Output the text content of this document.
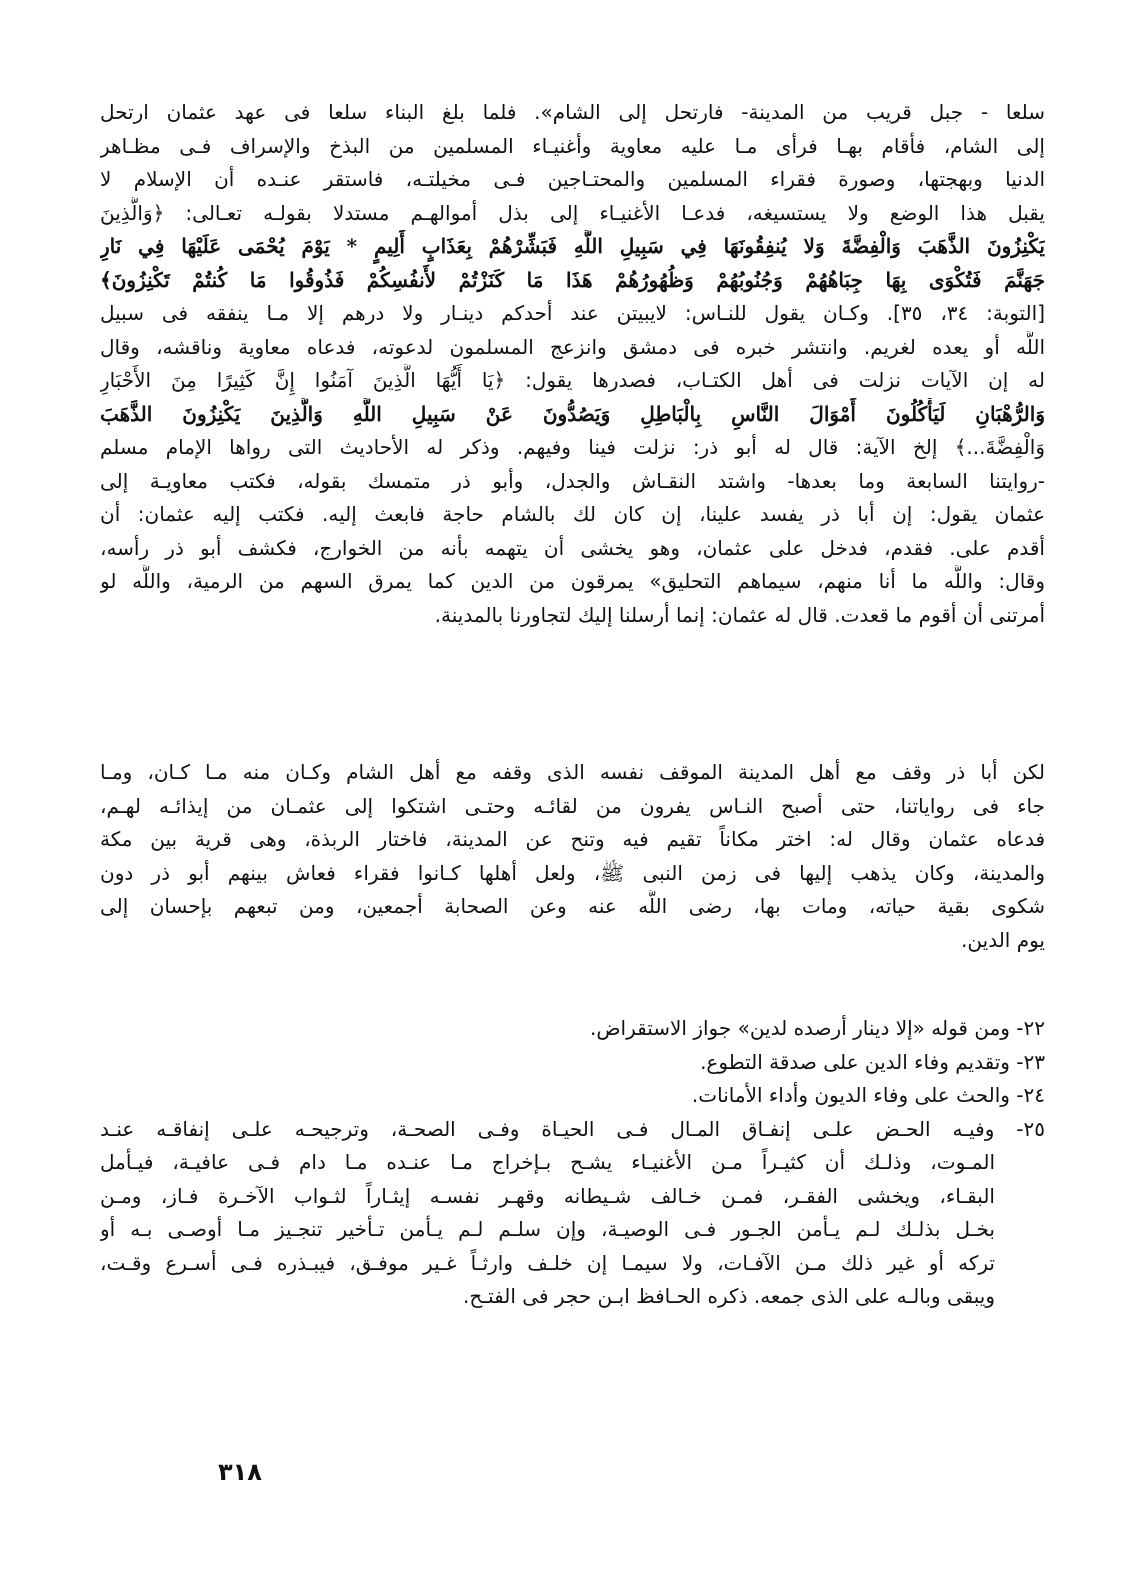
سلعا - جبل قريب من المدينة- فارتحل إلى الشام». فلما بلغ البناء سلعا فى عهد عثمان ارتحل
إلى الشام، فأقام بهـا فرأى مـا عليه معاوية وأغنيـاء المسلمين من البذخ والإسراف فـى مظـاهر
الدنيا وبهجتها، وصورة فقراء المسلمين والمحتـاجين فـى مخيلتـه، فاستقر عنـده أن الإسلام لا
يقبل هذا الوضع ولا يستسيغه، فدعـا الأغنيـاء إلى بذل أموالهـم مستدلا بقولـه تعـالى: ﴿وَالَّذِينَ
يَكْنِزُونَ الذَّهَبَ وَالْفِضَّةَ وَلا يُنفِقُونَهَا فِي سَبِيلِ اللَّهِ فَبَشِّرْهُمْ بِعَذَابٍ أَلِيمٍ * يَوْمَ يُحْمَى عَلَيْهَا فِي نَارِ
جَهَنَّمَ فَتُكْوَى بِهَا جِبَاهُهُمْ وَجُنُوبُهُمْ وَظُهُورُهُمْ هَذَا مَا كَنَزْتُمْ لأَنفُسِكُمْ فَذُوقُوا مَا كُنتُمْ تَكْنِزُونَ﴾
[التوبة: ٣٤، ٣٥]. وكـان يقول للنـاس: لايبيتن عند أحدكم دينـار ولا درهم إلا مـا ينفقه فى سبيل
اللَّه أو يعده لغريم. وانتشر خبره فى دمشق وانزعج المسلمون لدعوته، فدعاه معاوية وناقشه، وقال
له إن الآيات نزلت فى أهل الكتـاب، فصدرها يقول: ﴿يَا أَيُّهَا الَّذِينَ آمَنُوا إِنَّ كَثِيرًا مِنَ الأَحْبَارِ
وَالرُّهْبَانِ لَيَأْكُلُونَ أَمْوَالَ النَّاسِ بِالْبَاطِلِ وَيَصُدُّونَ عَنْ سَبِيلِ اللَّهِ وَالَّذِينَ يَكْنِزُونَ الذَّهَبَ
وَالْفِضَّةَ...﴾ إلخ الآية: قال له أبو ذر: نزلت فينا وفيهم. وذكر له الأحاديث التى رواها الإمام مسلم
-روايتنا السابعة وما بعدها- واشتد النقـاش والجدل، وأبو ذر متمسك بقوله، فكتب معاويـة إلى
عثمان يقول: إن أبا ذر يفسد علينا، إن كان لك بالشام حاجة فابعث إليه. فكتب إليه عثمان: أن
أقدم على. فقدم، فدخل على عثمان، وهو يخشى أن يتهمه بأنه من الخوارج، فكشف أبو ذر رأسه،
وقال: واللَّه ما أنا منهم، سيماهم التحليق» يمرقون من الدين كما يمرق السهم من الرمية، واللَّه لو
أمرتنى أن أقوم ما قعدت. قال له عثمان: إنما أرسلنا إليك لتجاورنا بالمدينة.
لكن أبا ذر وقف مع أهل المدينة الموقف نفسه الذى وقفه مع أهل الشام وكـان منه مـا كـان، ومـا
جاء فى رواياتنا، حتى أصبح النـاس يفرون من لقائـه وحتـى اشتكوا إلى عثمـان من إيذائـه لهـم،
فدعاه عثمان وقال له: اختر مكاناً تقيم فيه وتنح عن المدينة، فاختار الربذة، وهى قرية بين مكة
والمدينة، وكان يذهب إليها فى زمن النبى ﷺ، ولعل أهلها كـانوا فقراء فعاش بينهم أبو ذر دون
شكوى بقية حياته، ومات بها، رضى اللَّه عنه وعن الصحابة أجمعين، ومن تبعهم بإحسان إلى
يوم الدين.
٢٢- ومن قوله «إلا دينار أرصده لدين» جواز الاستقراض.
٢٣- وتقديم وفاء الدين على صدقة التطوع.
٢٤- والحث على وفاء الديون وأداء الأمانات.
٢٥- وفيـه الحـض علـى إنفـاق المـال فـى الحيـاة وفـى الصحـة، وترجيحـه علـى إنفاقـه عنـد
المـوت، وذلـك أن كثيـراً مـن الأغنيـاء يشـح بـإخراج مـا عنـده مـا دام فـى عافيـة، فيـأمل
البقـاء، ويخشى الفقـر، فمـن خـالف شـيطانه وقهـر نفسـه إيثـاراً لثـواب الآخـرة فـاز، ومـن
بخـل بذلـك لـم يـأمن الجـور فـى الوصيـة، وإن سلـم لـم يـأمن تـأخير تنجـيز مـا أوصـى بـه أو
تركه أو غير ذلك مـن الآفـات، ولا سيمـا إن خلـف وارثـاً غـير موفـق، فيبـذره فـى أسـرع وقـت،
ويبقى وبالـه على الذى جمعه. ذكره الحـافظ ابـن حجر فى الفتـح.
٣١٨
